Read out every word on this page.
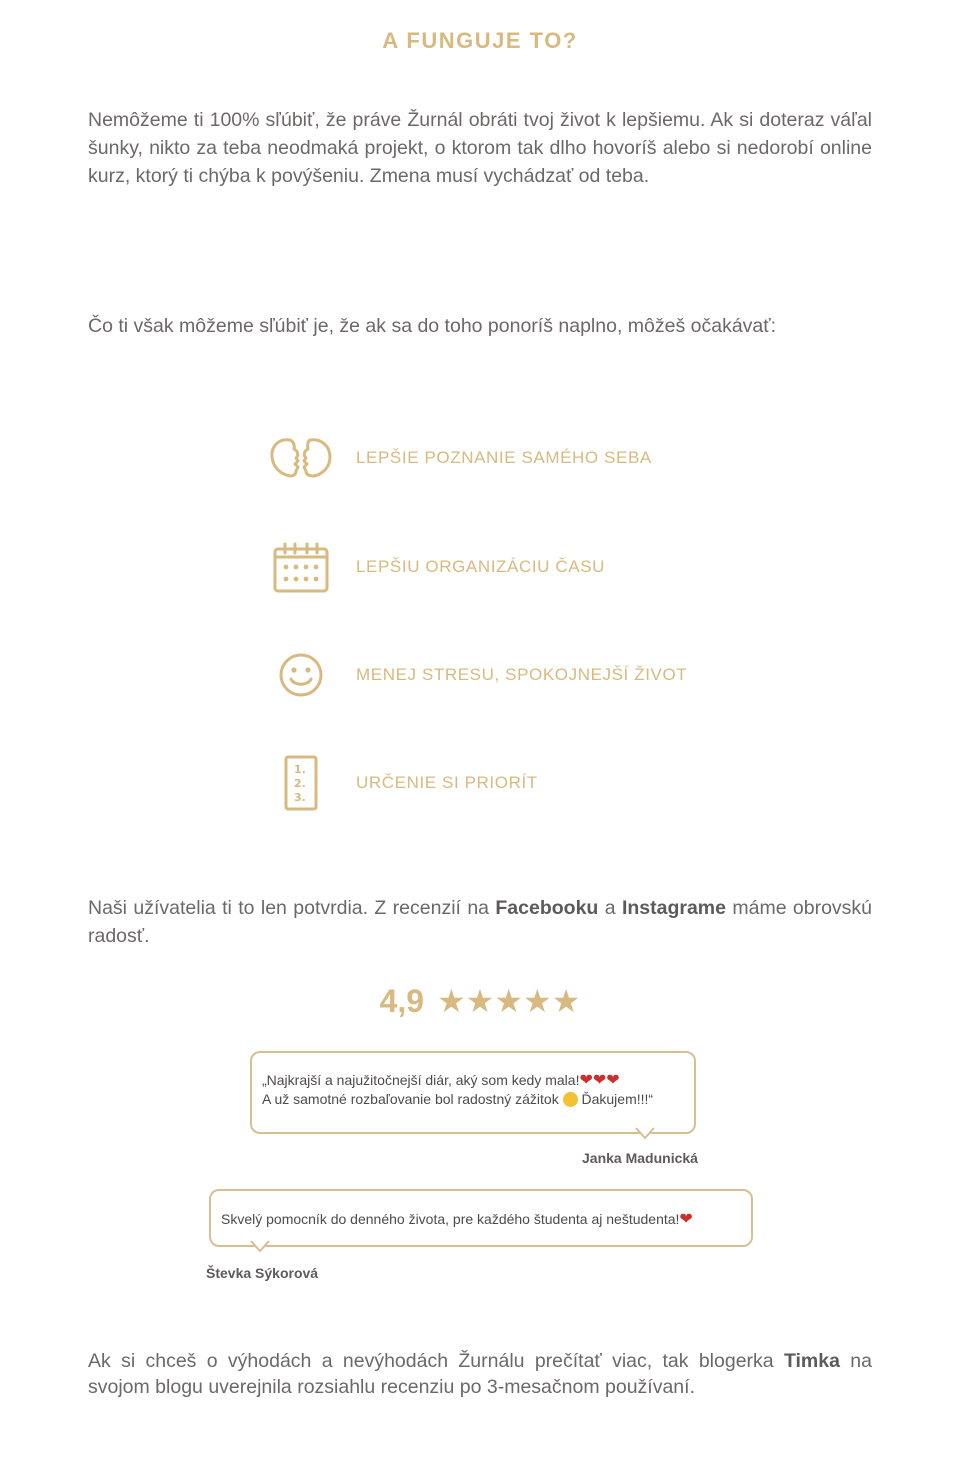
A FUNGUJE TO?

Nemôžeme ti 100% sľúbiť, že práve Žurnál obráti tvoj život k lepšiemu. Ak si doteraz váľal šunky, nikto za teba neodmaká projekt, o ktorom tak dlho hovoríš alebo si nedorobí online kurz, ktorý ti chýba k povýšeniu. Zmena musí vychádzať od teba.

Čo ti však môžeme sľúbiť je, že ak sa do toho ponoríš naplno, môžeš očakávať:

LEPŠIE POZNANIE SAMÉHO SEBA
LEPŠIU ORGANIZÁCIU ČASU
MENEJ STRESU, SPOKOJNEJŠÍ ŽIVOT
1.
2.
3.
URČENIE SI PRIORÍT

Naši užívatelia ti to len potvrdia. Z recenzií na Facebooku a Instagrame máme obrovskú radosť.

4,9 ★★★★★
„Najkrajší a najužitočnejší diár, aký som kedy mala!❤❤❤
A už samotné rozbaľovanie bol radostný zážitok Ďakujem!!!“
Janka Madunická
Skvelý pomocník do denného života, pre každého študenta aj neštudenta!❤
Števka Sýkorová

Ak si chceš o výhodách a nevýhodách Žurnálu prečítať viac, tak blogerka Timka na svojom blogu uverejnila rozsiahlu recenziu po 3-mesačnom používaní.
